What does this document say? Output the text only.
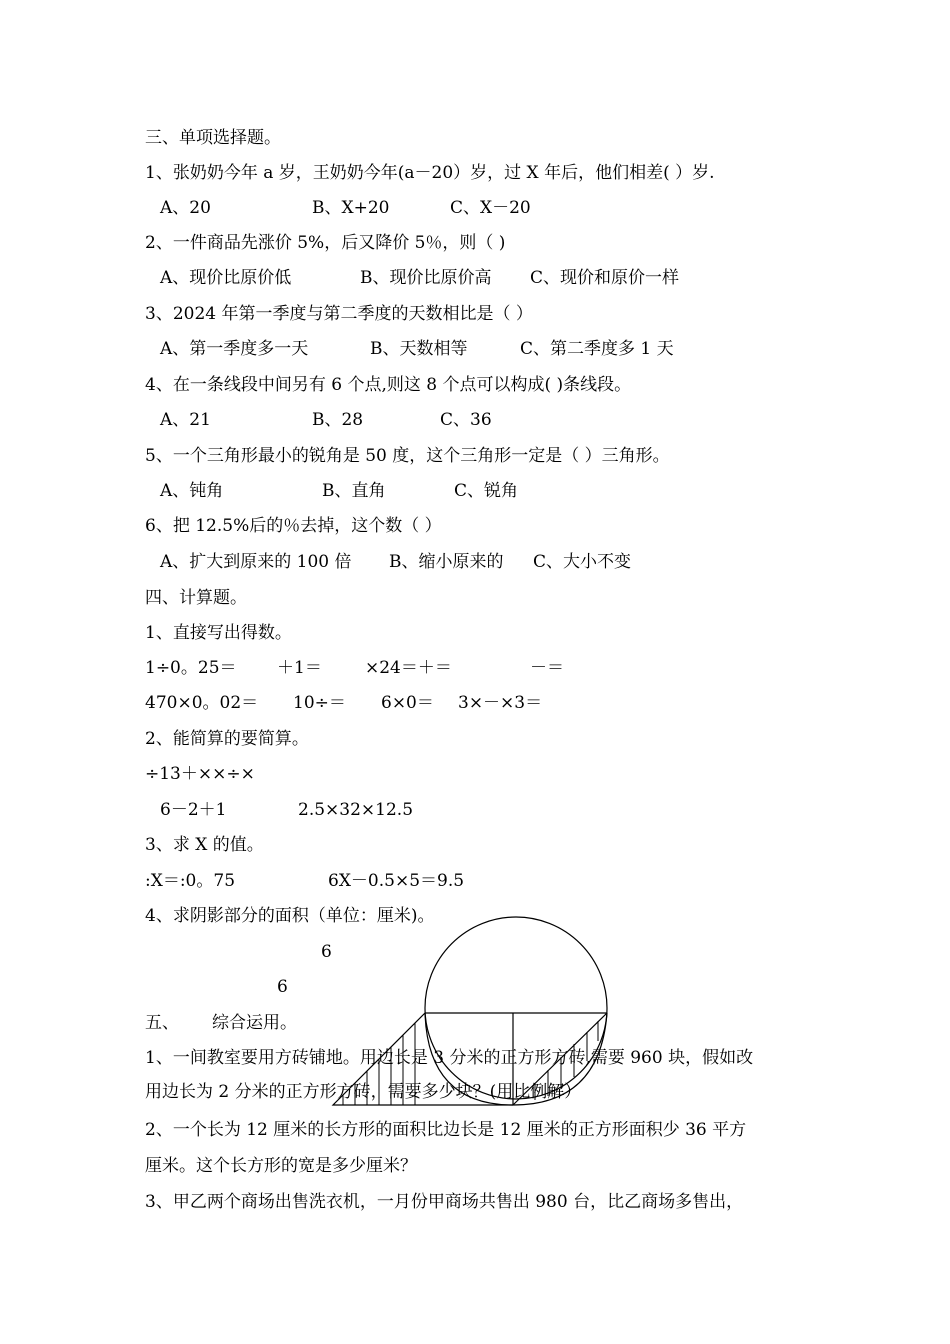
三、单项选择题。
1、张奶奶今年 a 岁，王奶奶今年(a－20）岁，过 X 年后，他们相差( ）岁.
A、20	B、X+20	C、X－20
2、一件商品先涨价 5%，后又降价 5％，则（ )
A、现价比原价低	B、现价比原价高 C、现价和原价一样
3、2024 年第一季度与第二季度的天数相比是（ ）
A、第一季度多一天	B、天数相等	C、第二季度多 1 天
4、在一条线段中间另有 6 个点,则这 8 个点可以构成( )条线段。
A、21	B、28	C、36
5、一个三角形最小的锐角是 50 度，这个三角形一定是（ ）三角形。
A、钝角	B、直角	C、锐角
6、把 12.5%后的％去掉，这个数（ ）
A、扩大到原来的 100 倍 B、缩小原来的 C、大小不变
四、计算题。
1、直接写出得数。
1÷0。25＝ ＋1＝	×24＝＋＝	－＝
470×0。02＝ 10÷＝ 6×0＝ 3×－×3＝
2、能简算的要简算。
÷13＋××÷×
6－2＋1	2.5×32×12.5
3、求 X 的值。
:X＝:0。75	6X－0.5×5＝9.5
4、求阴影部分的面积（单位：厘米)。
6
6
五、 综合运用。
1、一间教室要用方砖铺地。用边长是 3 分米的正方形方砖,需要 960 块，假如改
用边长为 2 分米的正方形方砖，需要多少块？(用比例解）
2、一个长为 12 厘米的长方形的面积比边长是 12 厘米的正方形面积少 36 平方
厘米。这个长方形的宽是多少厘米？
3、甲乙两个商场出售洗衣机，一月份甲商场共售出 980 台，比乙商场多售出，
